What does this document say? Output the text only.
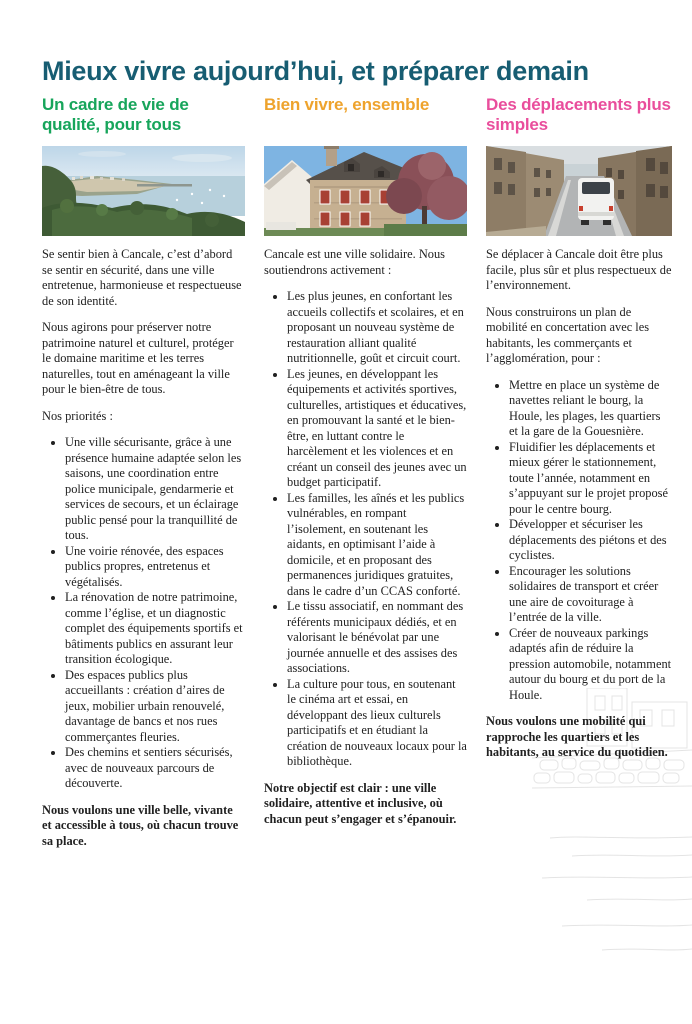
Mieux vivre aujourd’hui, et préparer demain
Un cadre de vie de qualité, pour tous

Se sentir bien à Cancale, c’est d’abord se sentir en sécurité, dans une ville entretenue, harmonieuse et respectueuse de son identité.

Nous agirons pour préserver notre patrimoine naturel et culturel, protéger le domaine maritime et les terres naturelles, tout en aménageant la ville pour le bien-être de tous.

Nos priorités :

• Une ville sécurisante, grâce à une présence humaine adaptée selon les saisons, une coordination entre police municipale, gendarmerie et services de secours, et un éclairage public pensé pour la tranquillité de tous.
• Une voirie rénovée, des espaces publics propres, entretenus et végétalisés.
• La rénovation de notre patrimoine, comme l’église, et un diagnostic complet des équipements sportifs et bâtiments publics en assurant leur transition écologique.
• Des espaces publics plus accueillants : création d’aires de jeux, mobilier urbain renouvelé, davantage de bancs et nos rues commerçantes fleuries.
• Des chemins et sentiers sécurisés, avec de nouveaux parcours de découverte.

Nous voulons une ville belle, vivante et accessible à tous, où chacun trouve sa place.

Bien vivre, ensemble

Cancale est une ville solidaire. Nous soutiendrons activement :

• Les plus jeunes, en confortant les accueils collectifs et scolaires, et en proposant un nouveau système de restauration alliant qualité nutritionnelle, goût et circuit court.
• Les jeunes, en développant les équipements et activités sportives, culturelles, artistiques et éducatives, en promouvant la santé et le bien-être, en luttant contre le harcèlement et les violences et en créant un conseil des jeunes avec un budget participatif.
• Les familles, les aînés et les publics vulnérables, en rompant l’isolement, en soutenant les aidants, en optimisant l’aide à domicile, et en proposant des permanences juridiques gratuites, dans le cadre d’un CCAS conforté.
• Le tissu associatif, en nommant des référents municipaux dédiés, et en valorisant le bénévolat par une journée annuelle et des assises des associations.
• La culture pour tous, en soutenant le cinéma art et essai, en développant des lieux culturels participatifs et en étudiant la création de nouveaux locaux pour la bibliothèque.

Notre objectif est clair : une ville solidaire, attentive et inclusive, où chacun peut s’engager et s’épanouir.

Des déplacements plus simples

Se déplacer à Cancale doit être plus facile, plus sûr et plus respectueux de l’environnement.

Nous construirons un plan de mobilité en concertation avec les habitants, les commerçants et l’agglomération, pour :

• Mettre en place un système de navettes reliant le bourg, la Houle, les plages, les quartiers et la gare de la Gouesnière.
• Fluidifier les déplacements et mieux gérer le stationnement, toute l’année, notamment en s’appuyant sur le projet proposé pour le centre bourg.
• Développer et sécuriser les déplacements des piétons et des cyclistes.
• Encourager les solutions solidaires de transport et créer une aire de covoiturage à l’entrée de la ville.
• Créer de nouveaux parkings adaptés afin de réduire la pression automobile, notamment autour du bourg et du port de la Houle.

Nous voulons une mobilité qui rapproche les quartiers et les habitants, au service du quotidien.
